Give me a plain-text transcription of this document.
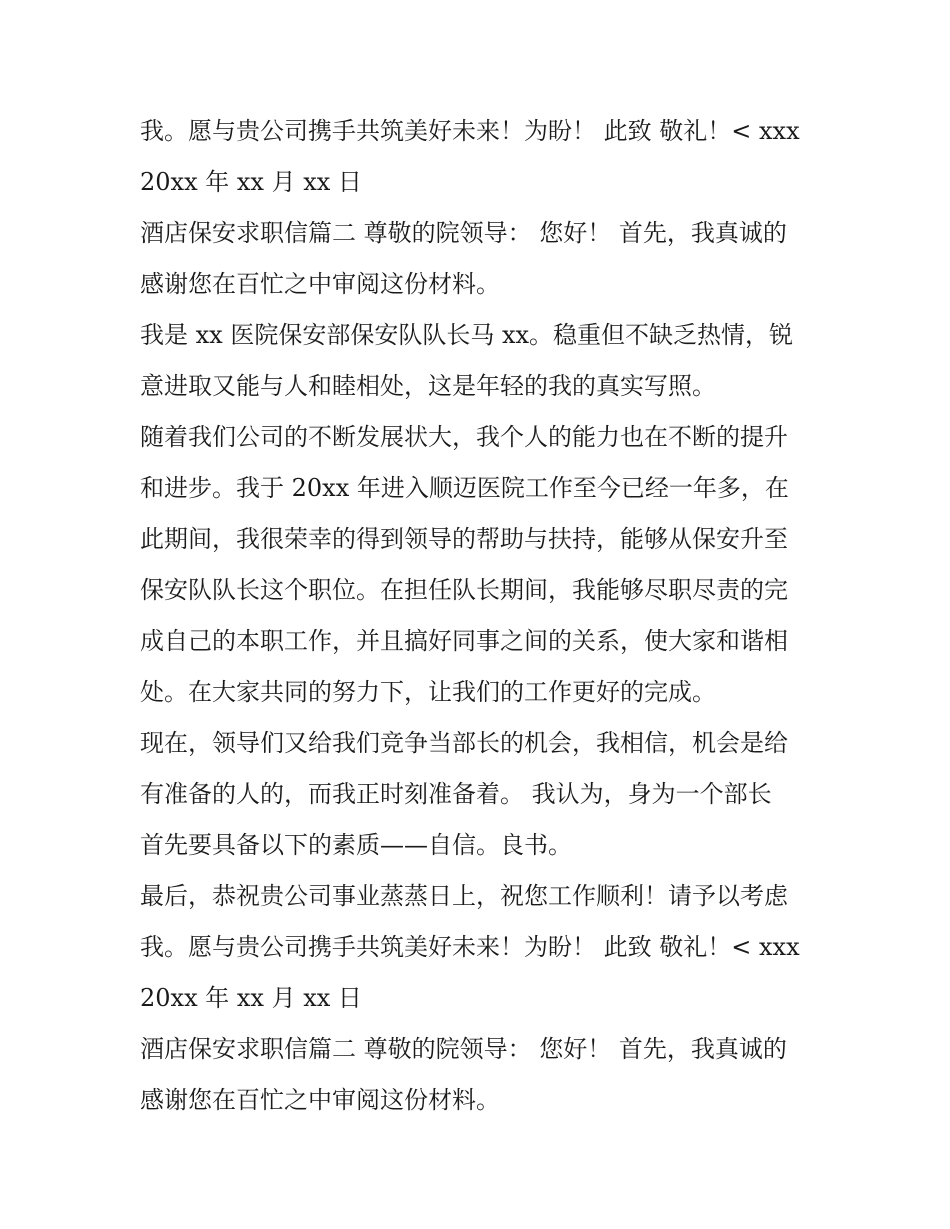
我。愿与贵公司携手共筑美好未来！为盼！ 此致 敬礼！< xxx
20xx 年 xx 月 xx 日
酒店保安求职信篇二 尊敬的院领导： 您好！ 首先，我真诚的
感谢您在百忙之中审阅这份材料。
我是 xx 医院保安部保安队队长马 xx。稳重但不缺乏热情，锐
意进取又能与人和睦相处，这是年轻的我的真实写照。
随着我们公司的不断发展状大，我个人的能力也在不断的提升
和进步。我于 20xx 年进入顺迈医院工作至今已经一年多，在
此期间，我很荣幸的得到领导的帮助与扶持，能够从保安升至
保安队队长这个职位。在担任队长期间，我能够尽职尽责的完
成自己的本职工作，并且搞好同事之间的关系，使大家和谐相
处。在大家共同的努力下，让我们的工作更好的完成。
现在，领导们又给我们竞争当部长的机会，我相信，机会是给
有准备的人的，而我正时刻准备着。 我认为，身为一个部长
首先要具备以下的素质——自信。良书。
最后，恭祝贵公司事业蒸蒸日上，祝您工作顺利！请予以考虑
我。愿与贵公司携手共筑美好未来！为盼！ 此致 敬礼！< xxx
20xx 年 xx 月 xx 日
酒店保安求职信篇二 尊敬的院领导： 您好！ 首先，我真诚的
感谢您在百忙之中审阅这份材料。
